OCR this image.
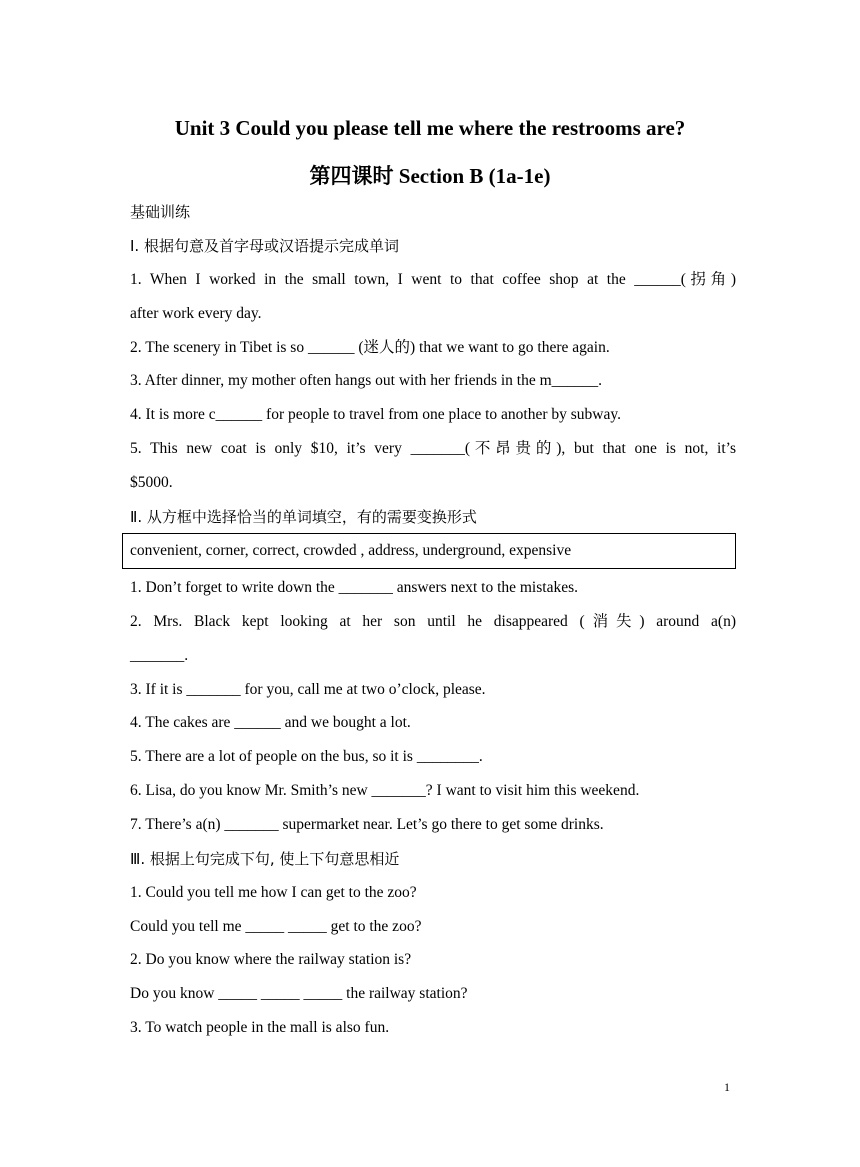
Unit 3 Could you please tell me where the restrooms are?
第四课时 Section B (1a-1e)
基础训练
Ⅰ. 根据句意及首字母或汉语提示完成单词
1. When I worked in the small town, I went to that coffee shop at the ______(拐角)
after work every day.
2. The scenery in Tibet is so ______ (迷人的) that we want to go there again.
3. After dinner, my mother often hangs out with her friends in the m______.
4. It is more c______ for people to travel from one place to another by subway.
5. This new coat is only $10, it’s very _______(不昂贵的), but that one is not, it’s
$5000.
Ⅱ. 从方框中选择恰当的单词填空，有的需要变换形式
convenient, corner, correct, crowded , address, underground, expensive
1. Don’t forget to write down the _______ answers next to the mistakes.
2. Mrs. Black kept looking at her son until he disappeared (消失) around a(n)
_______.
3. If it is _______ for you, call me at two o’clock, please.
4. The cakes are ______ and we bought a lot.
5. There are a lot of people on the bus, so it is ________.
6. Lisa, do you know Mr. Smith’s new _______? I want to visit him this weekend.
7. There’s a(n) _______ supermarket near. Let’s go there to get some drinks.
Ⅲ. 根据上句完成下句, 使上下句意思相近
1. Could you tell me how I can get to the zoo?
Could you tell me _____ _____ get to the zoo?
2. Do you know where the railway station is?
Do you know _____ _____ _____ the railway station?
3. To watch people in the mall is also fun.
1
